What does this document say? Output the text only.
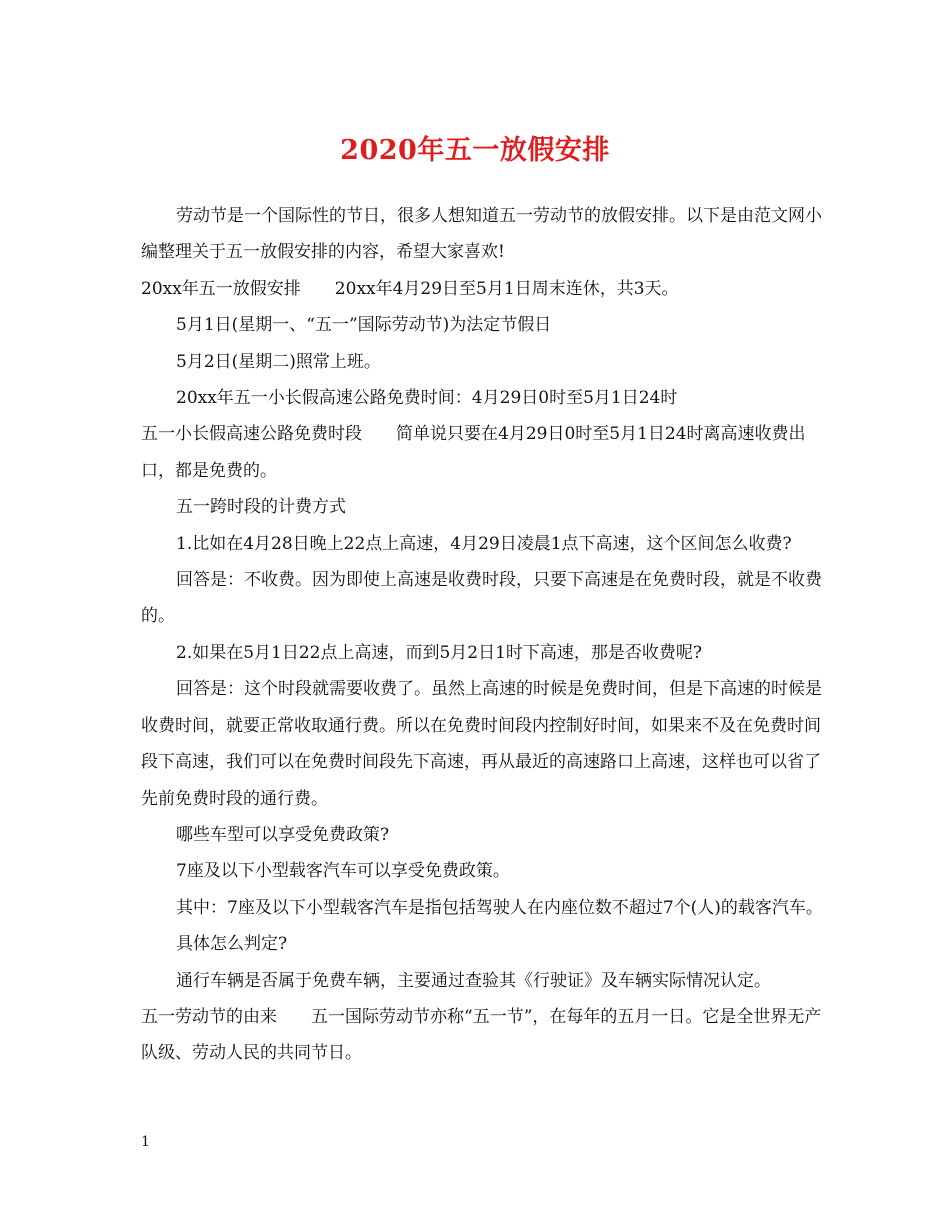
2020年五一放假安排

劳动节是一个国际性的节日，很多人想知道五一劳动节的放假安排。以下是由范文网小编整理关于五一放假安排的内容，希望大家喜欢!

20xx年五一放假安排　　20xx年4月29日至5月1日周末连休，共3天。

5月1日(星期一、“五一”国际劳动节)为法定节假日

5月2日(星期二)照常上班。

20xx年五一小长假高速公路免费时间：4月29日0时至5月1日24时

五一小长假高速公路免费时段　　简单说只要在4月29日0时至5月1日24时离高速收费出口，都是免费的。

五一跨时段的计费方式

1.比如在4月28日晚上22点上高速，4月29日凌晨1点下高速，这个区间怎么收费?

回答是：不收费。因为即使上高速是收费时段，只要下高速是在免费时段，就是不收费的。

2.如果在5月1日22点上高速，而到5月2日1时下高速，那是否收费呢?

回答是：这个时段就需要收费了。虽然上高速的时候是免费时间，但是下高速的时候是收费时间，就要正常收取通行费。所以在免费时间段内控制好时间，如果来不及在免费时间段下高速，我们可以在免费时间段先下高速，再从最近的高速路口上高速，这样也可以省了先前免费时段的通行费。

哪些车型可以享受免费政策?

7座及以下小型载客汽车可以享受免费政策。

其中：7座及以下小型载客汽车是指包括驾驶人在内座位数不超过7个(人)的载客汽车。

具体怎么判定?

通行车辆是否属于免费车辆，主要通过查验其《行驶证》及车辆实际情况认定。

五一劳动节的由来　　五一国际劳动节亦称“五一节”，在每年的五月一日。它是全世界无产队级、劳动人民的共同节日。

1
